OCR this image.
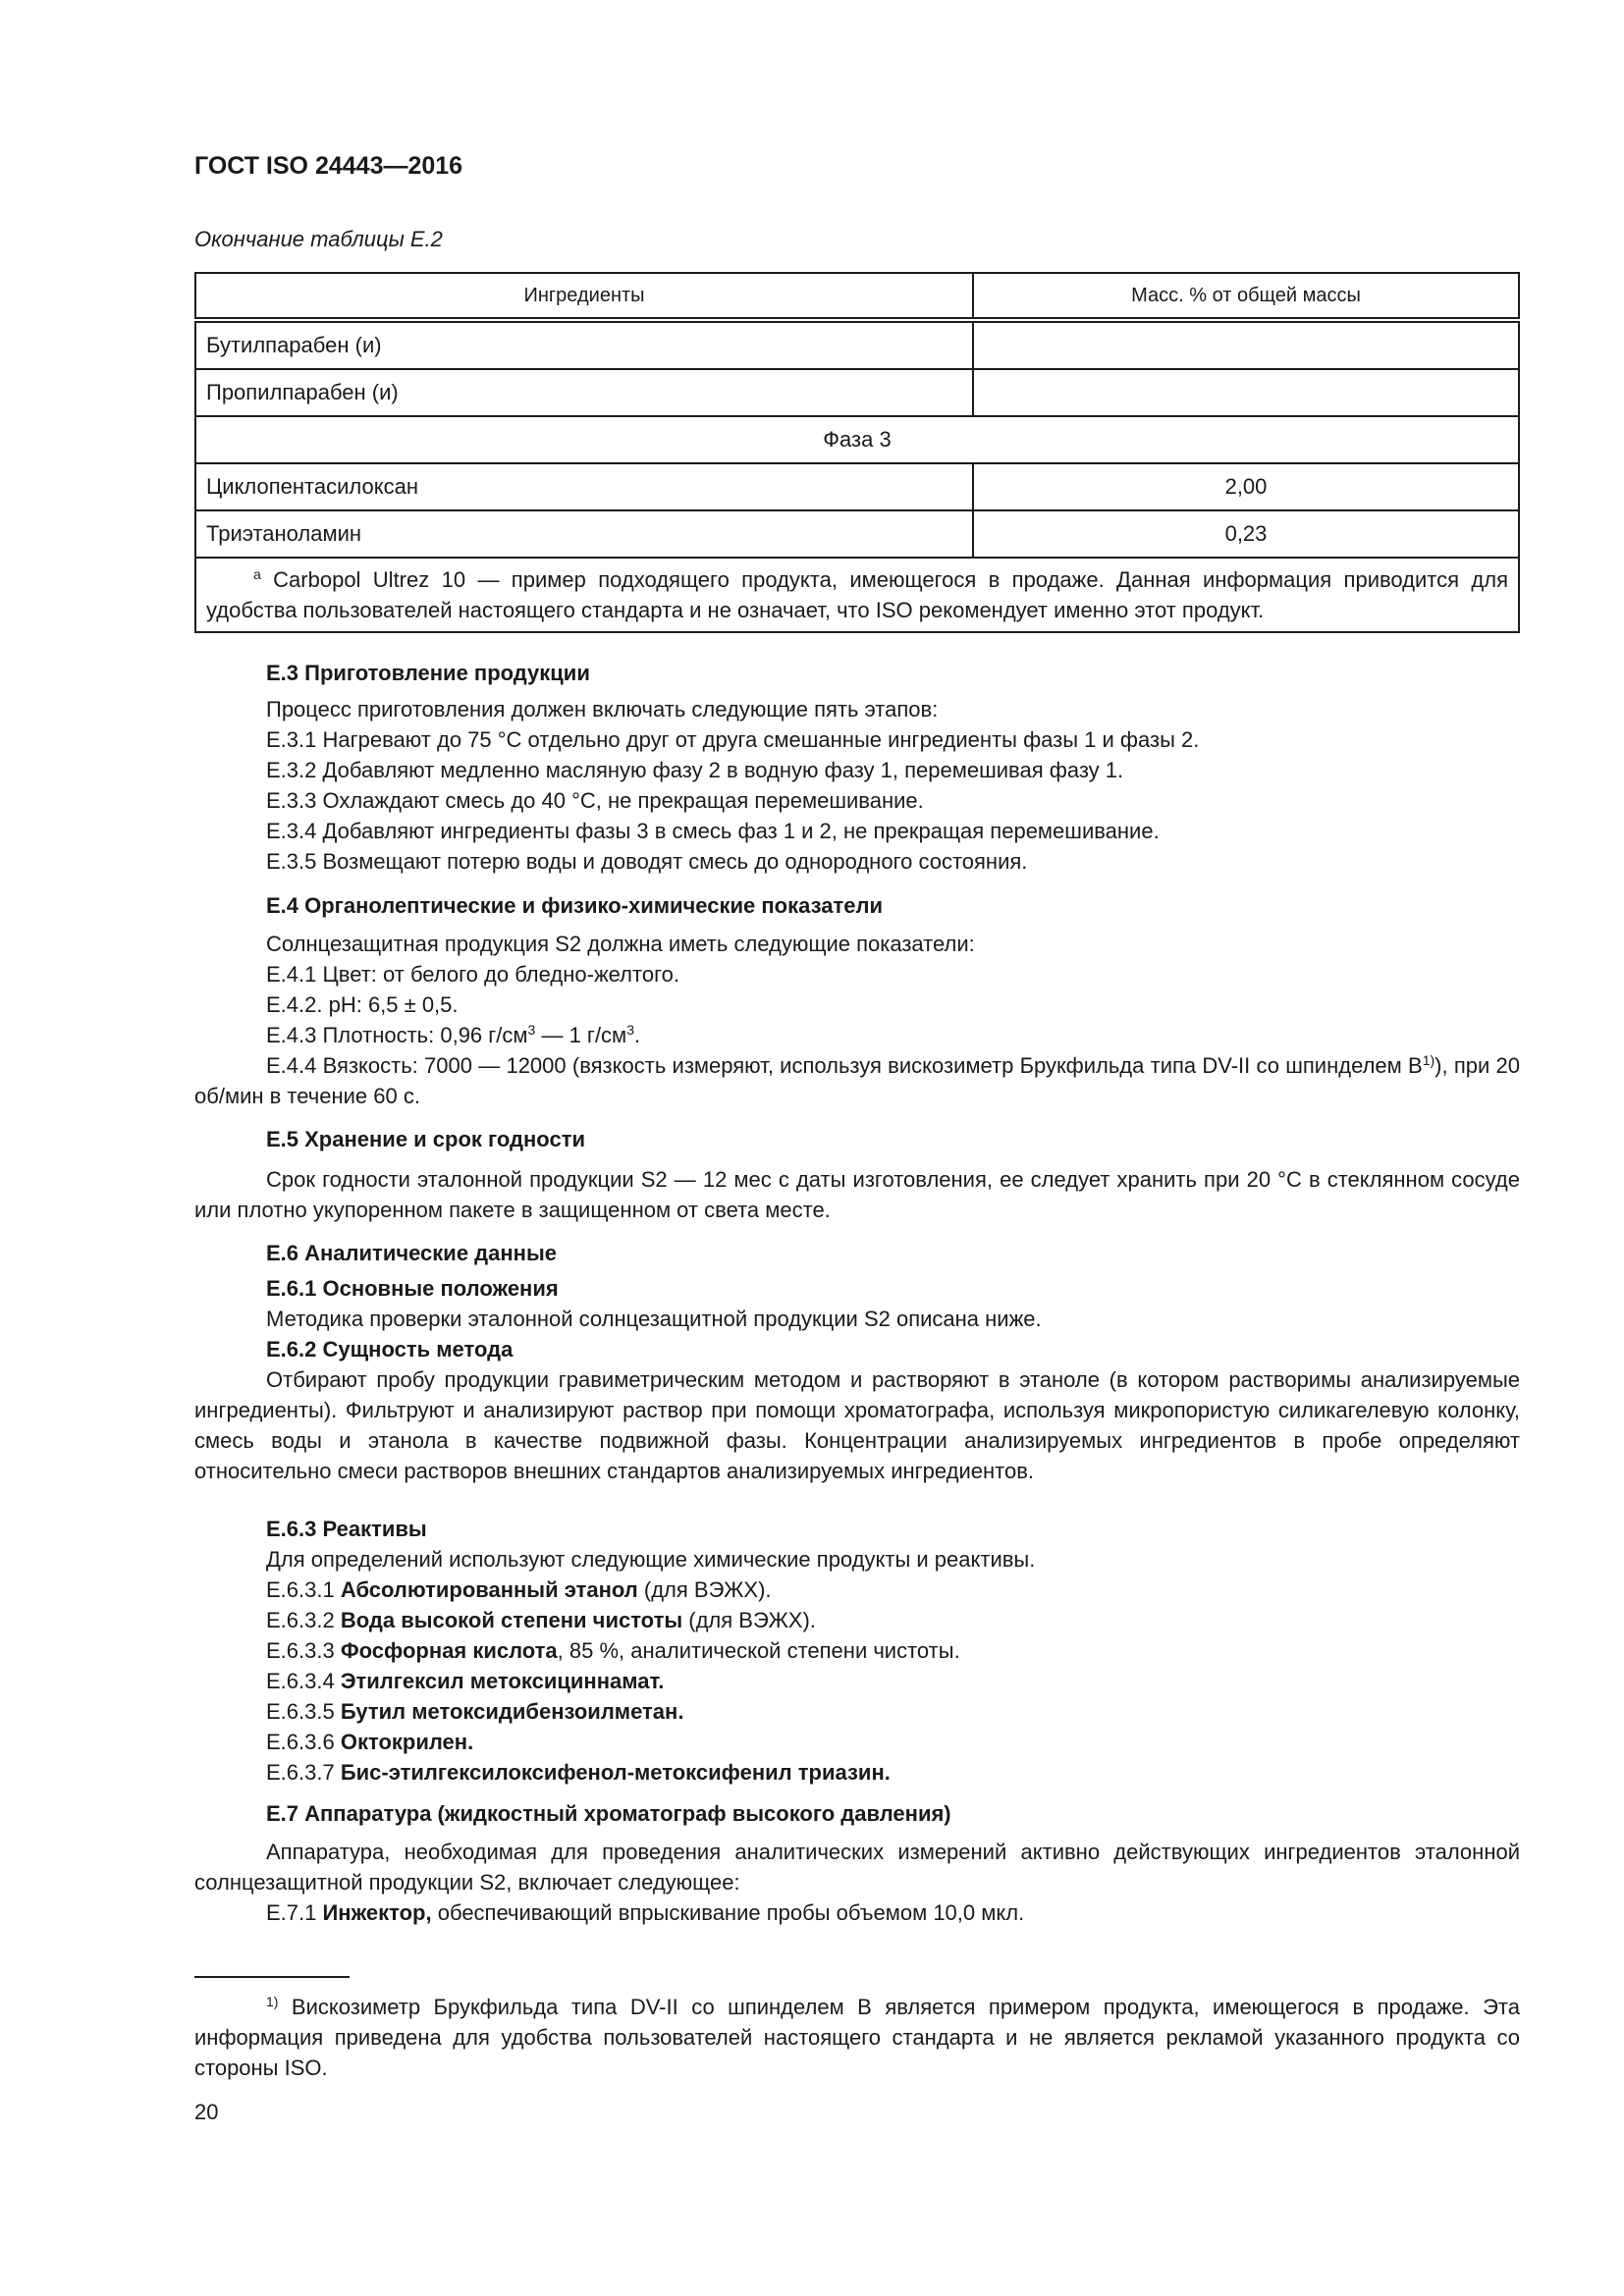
ГОСТ ISO 24443—2016
Окончание таблицы Е.2
Ингредиенты	Масс. % от общей массы
Бутилпарабен (и)	
Пропилпарабен (и)	
Фаза 3	
Циклопентасилоксан	2,00
Триэтаноламин	0,23
$^a$ Carbopol Ultrez 10 — пример подходящего продукта, имеющегося в продаже. Данная информация приводится для удобства пользователей настоящего стандарта и не означает, что ISO рекомендует именно этот продукт.	
Е.3 Приготовление продукции
Процесс приготовления должен включать следующие пять этапов:
Е.3.1 Нагревают до 75 °С отдельно друг от друга смешанные ингредиенты фазы 1 и фазы 2.
Е.3.2 Добавляют медленно масляную фазу 2 в водную фазу 1, перемешивая фазу 1.
Е.3.3 Охлаждают смесь до 40 °С, не прекращая перемешивание.
Е.3.4 Добавляют ингредиенты фазы 3 в смесь фаз 1 и 2, не прекращая перемешивание.
Е.3.5 Возмещают потерю воды и доводят смесь до однородного состояния.
Е.4 Органолептические и физико-химические показатели
Солнцезащитная продукция S2 должна иметь следующие показатели:
Е.4.1 Цвет: от белого до бледно-желтого.
Е.4.2. рН: 6,5 ± 0,5.
Е.4.3 Плотность: 0,96 $г/см^3$ — 1 $г/см^3$.
Е.4.4 Вязкость: 7000 — 12000 (вязкость измеряют, используя вискозиметр Брукфильда типа DV-II со шпинделем $В^{1)}$), при 20 об/мин в течение 60 с.
Е.5 Хранение и срок годности
Срок годности эталонной продукции S2 — 12 мес с даты изготовления, ее следует хранить при 20 °С в стеклянном сосуде или плотно укупоренном пакете в защищенном от света месте.
Е.6 Аналитические данные
Е.6.1 Основные положения
Методика проверки эталонной солнцезащитной продукции S2 описана ниже.
Е.6.2 Сущность метода
Отбирают пробу продукции гравиметрическим методом и растворяют в этаноле (в котором растворимы анализируемые ингредиенты). Фильтруют и анализируют раствор при помощи хроматографа, используя микропористую силикагелевую колонку, смесь воды и этанола в качестве подвижной фазы. Концентрации анализируемых ингредиентов в пробе определяют относительно смеси растворов внешних стандартов анализируемых ингредиентов.
Е.6.3 Реактивы
Для определений используют следующие химические продукты и реактивы.
Е.6.3.1 Абсолютированный этанол (для ВЭЖХ).
Е.6.3.2 Вода высокой степени чистоты (для ВЭЖХ).
Е.6.3.3 Фосфорная кислота, 85 %, аналитической степени чистоты.
Е.6.3.4 Этилгексил метоксициннамат.
Е.6.3.5 Бутил метоксидибензоилметан.
Е.6.3.6 Октокрилен.
Е.6.3.7 Бис-этилгексилоксифенол-метоксифенил триазин.
Е.7 Аппаратура (жидкостный хроматограф высокого давления)
Аппаратура, необходимая для проведения аналитических измерений активно действующих ингредиентов эталонной солнцезащитной продукции S2, включает следующее:
Е.7.1 Инжектор, обеспечивающий впрыскивание пробы объемом 10,0 мкл.
$^{1)}$ Вискозиметр Брукфильда типа DV-II со шпинделем В является примером продукта, имеющегося в продаже. Эта информация приведена для удобства пользователей настоящего стандарта и не является рекламой указанного продукта со стороны ISO.
20
